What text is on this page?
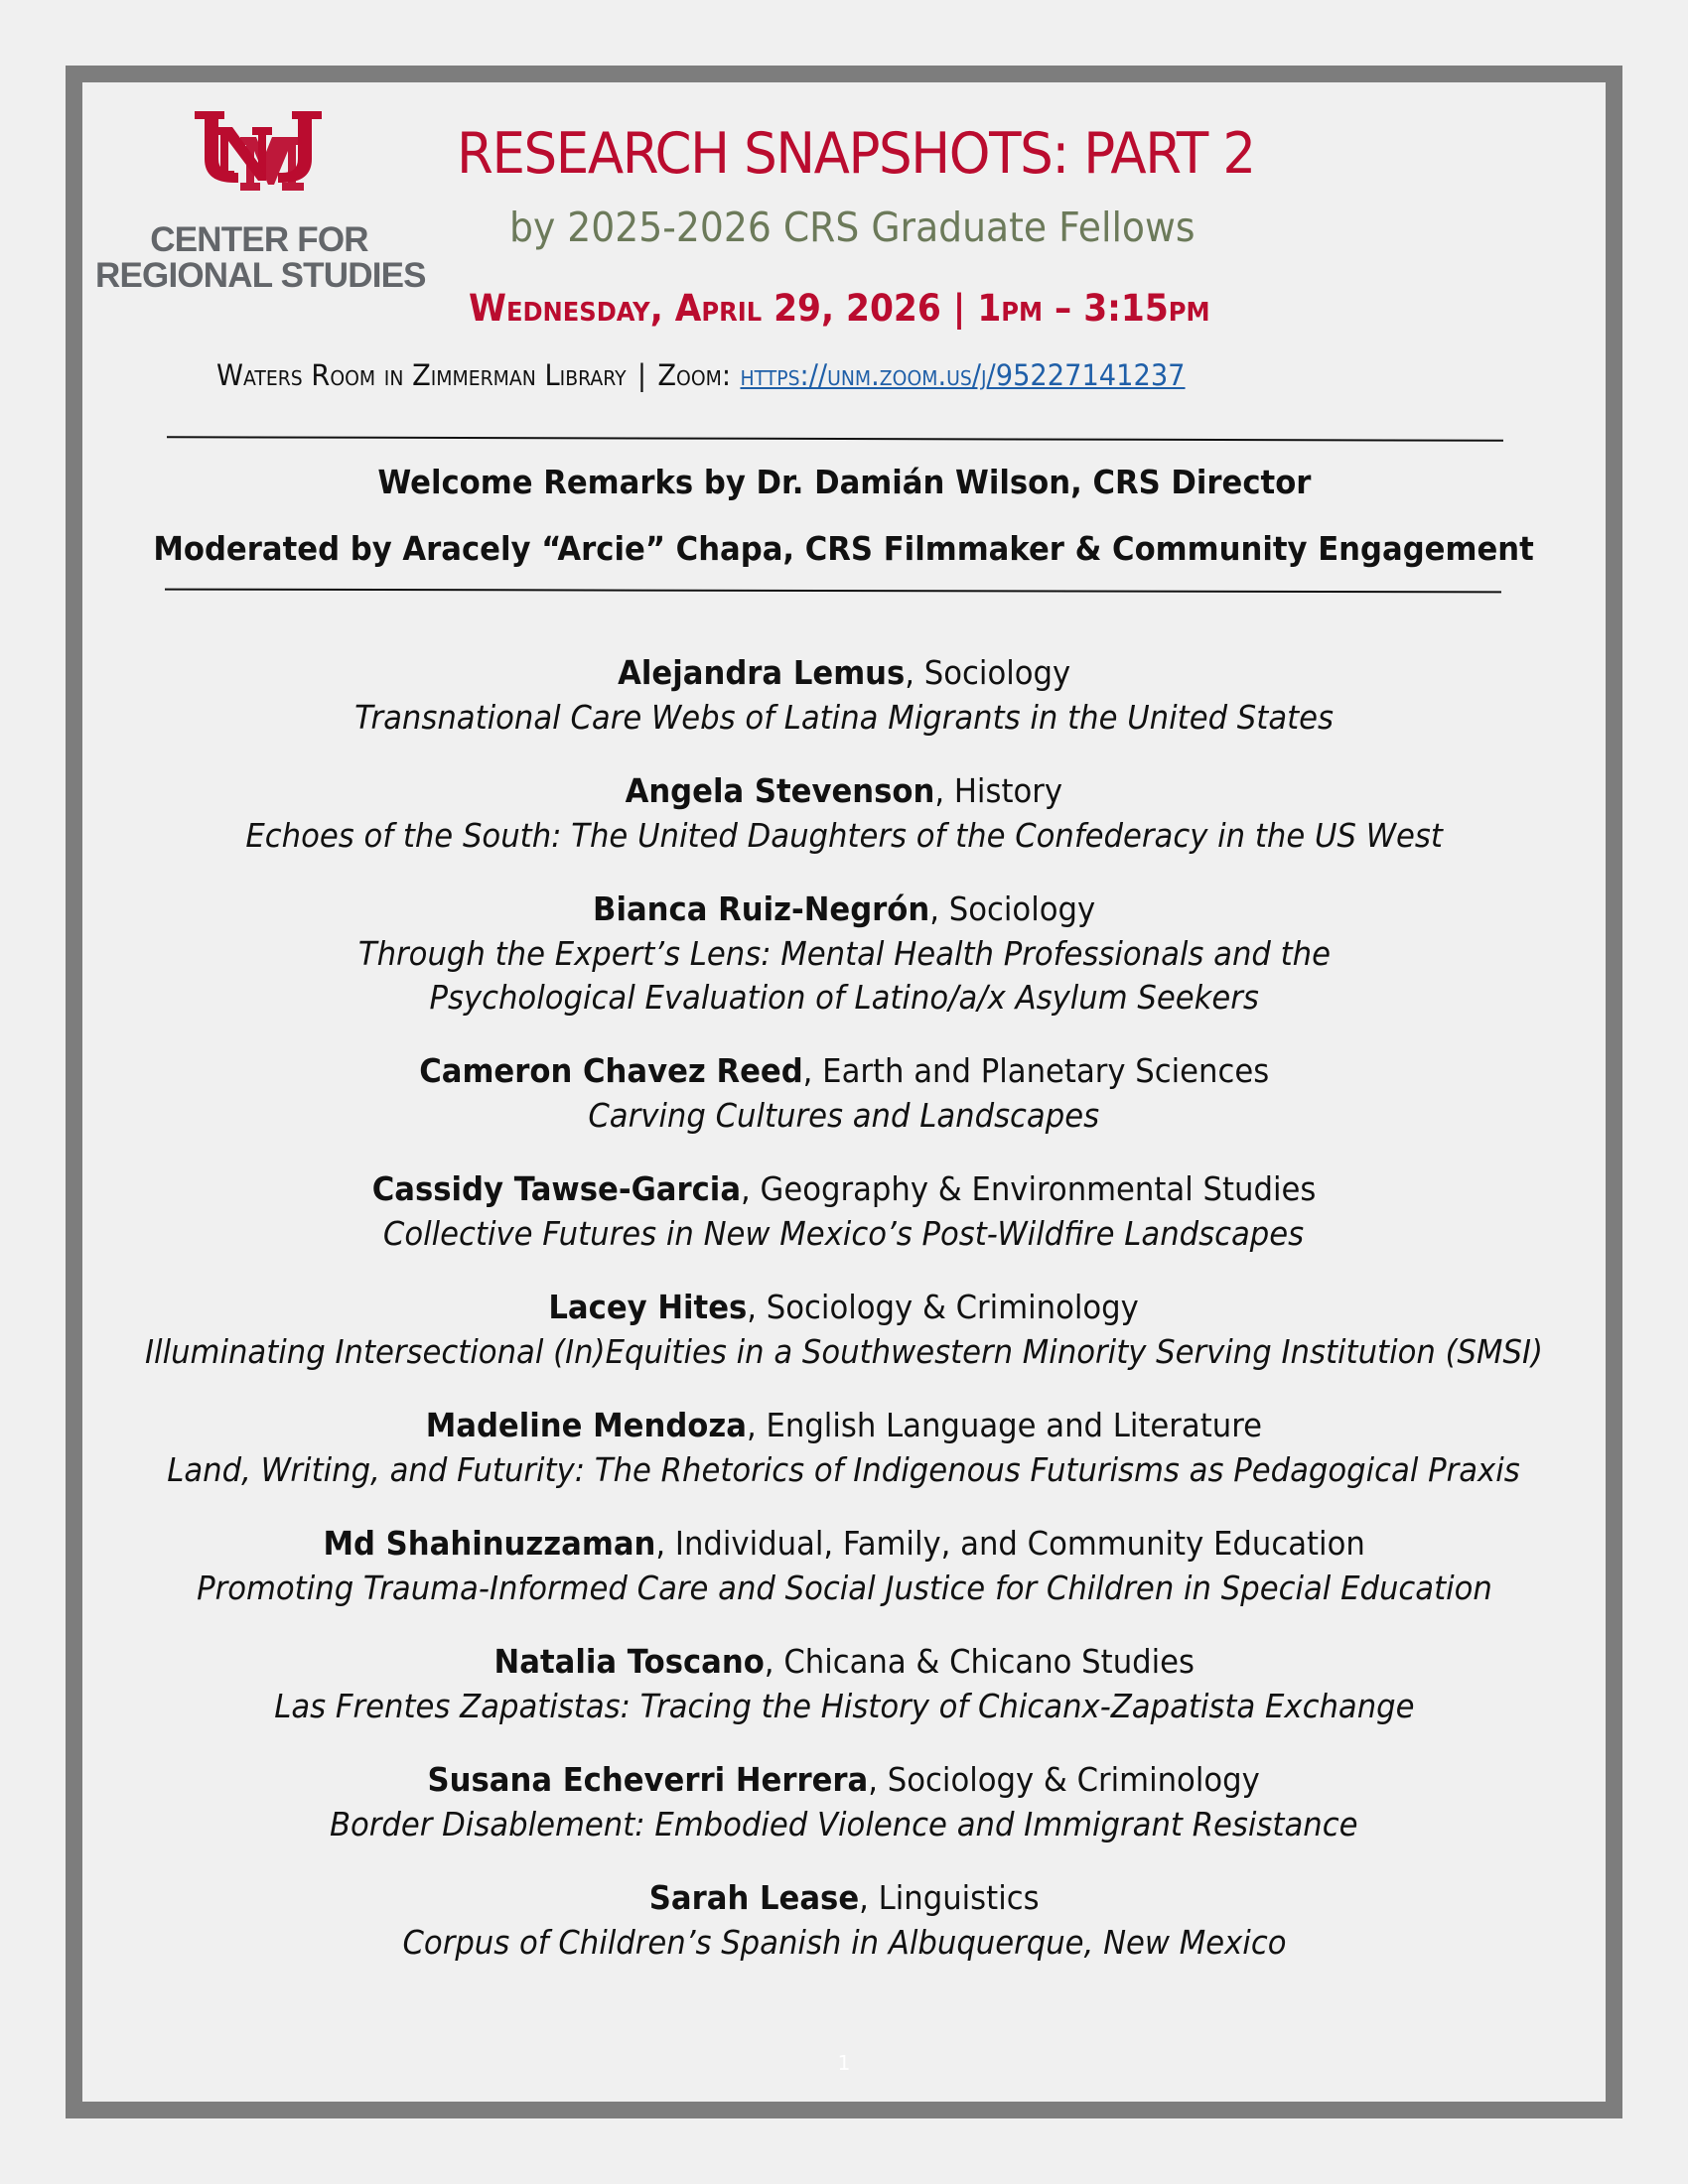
CENTER FOR
REGIONAL STUDIES
RESEARCH SNAPSHOTS: PART 2
by 2025-2026 CRS Graduate Fellows
Wednesday, April 29, 2026 | 1pm – 3:15pm
Waters Room in Zimmerman Library | Zoom: https://unm.zoom.us/j/95227141237
Welcome Remarks by Dr. Damián Wilson, CRS Director
Moderated by Aracely “Arcie” Chapa, CRS Filmmaker & Community Engagement
Alejandra Lemus, Sociology
Transnational Care Webs of Latina Migrants in the United States
Angela Stevenson, History
Echoes of the South: The United Daughters of the Confederacy in the US West
Bianca Ruiz-Negrón, Sociology
Through the Expert’s Lens: Mental Health Professionals and the
Psychological Evaluation of Latino/a/x Asylum Seekers
Cameron Chavez Reed, Earth and Planetary Sciences
Carving Cultures and Landscapes
Cassidy Tawse-Garcia, Geography & Environmental Studies
Collective Futures in New Mexico’s Post-Wildfire Landscapes
Lacey Hites, Sociology & Criminology
Illuminating Intersectional (In)Equities in a Southwestern Minority Serving Institution (SMSI)
Madeline Mendoza, English Language and Literature
Land, Writing, and Futurity: The Rhetorics of Indigenous Futurisms as Pedagogical Praxis
Md Shahinuzzaman, Individual, Family, and Community Education
Promoting Trauma-Informed Care and Social Justice for Children in Special Education
Natalia Toscano, Chicana & Chicano Studies
Las Frentes Zapatistas: Tracing the History of Chicanx-Zapatista Exchange
Susana Echeverri Herrera, Sociology & Criminology
Border Disablement: Embodied Violence and Immigrant Resistance
Sarah Lease, Linguistics
Corpus of Children’s Spanish in Albuquerque, New Mexico
1
